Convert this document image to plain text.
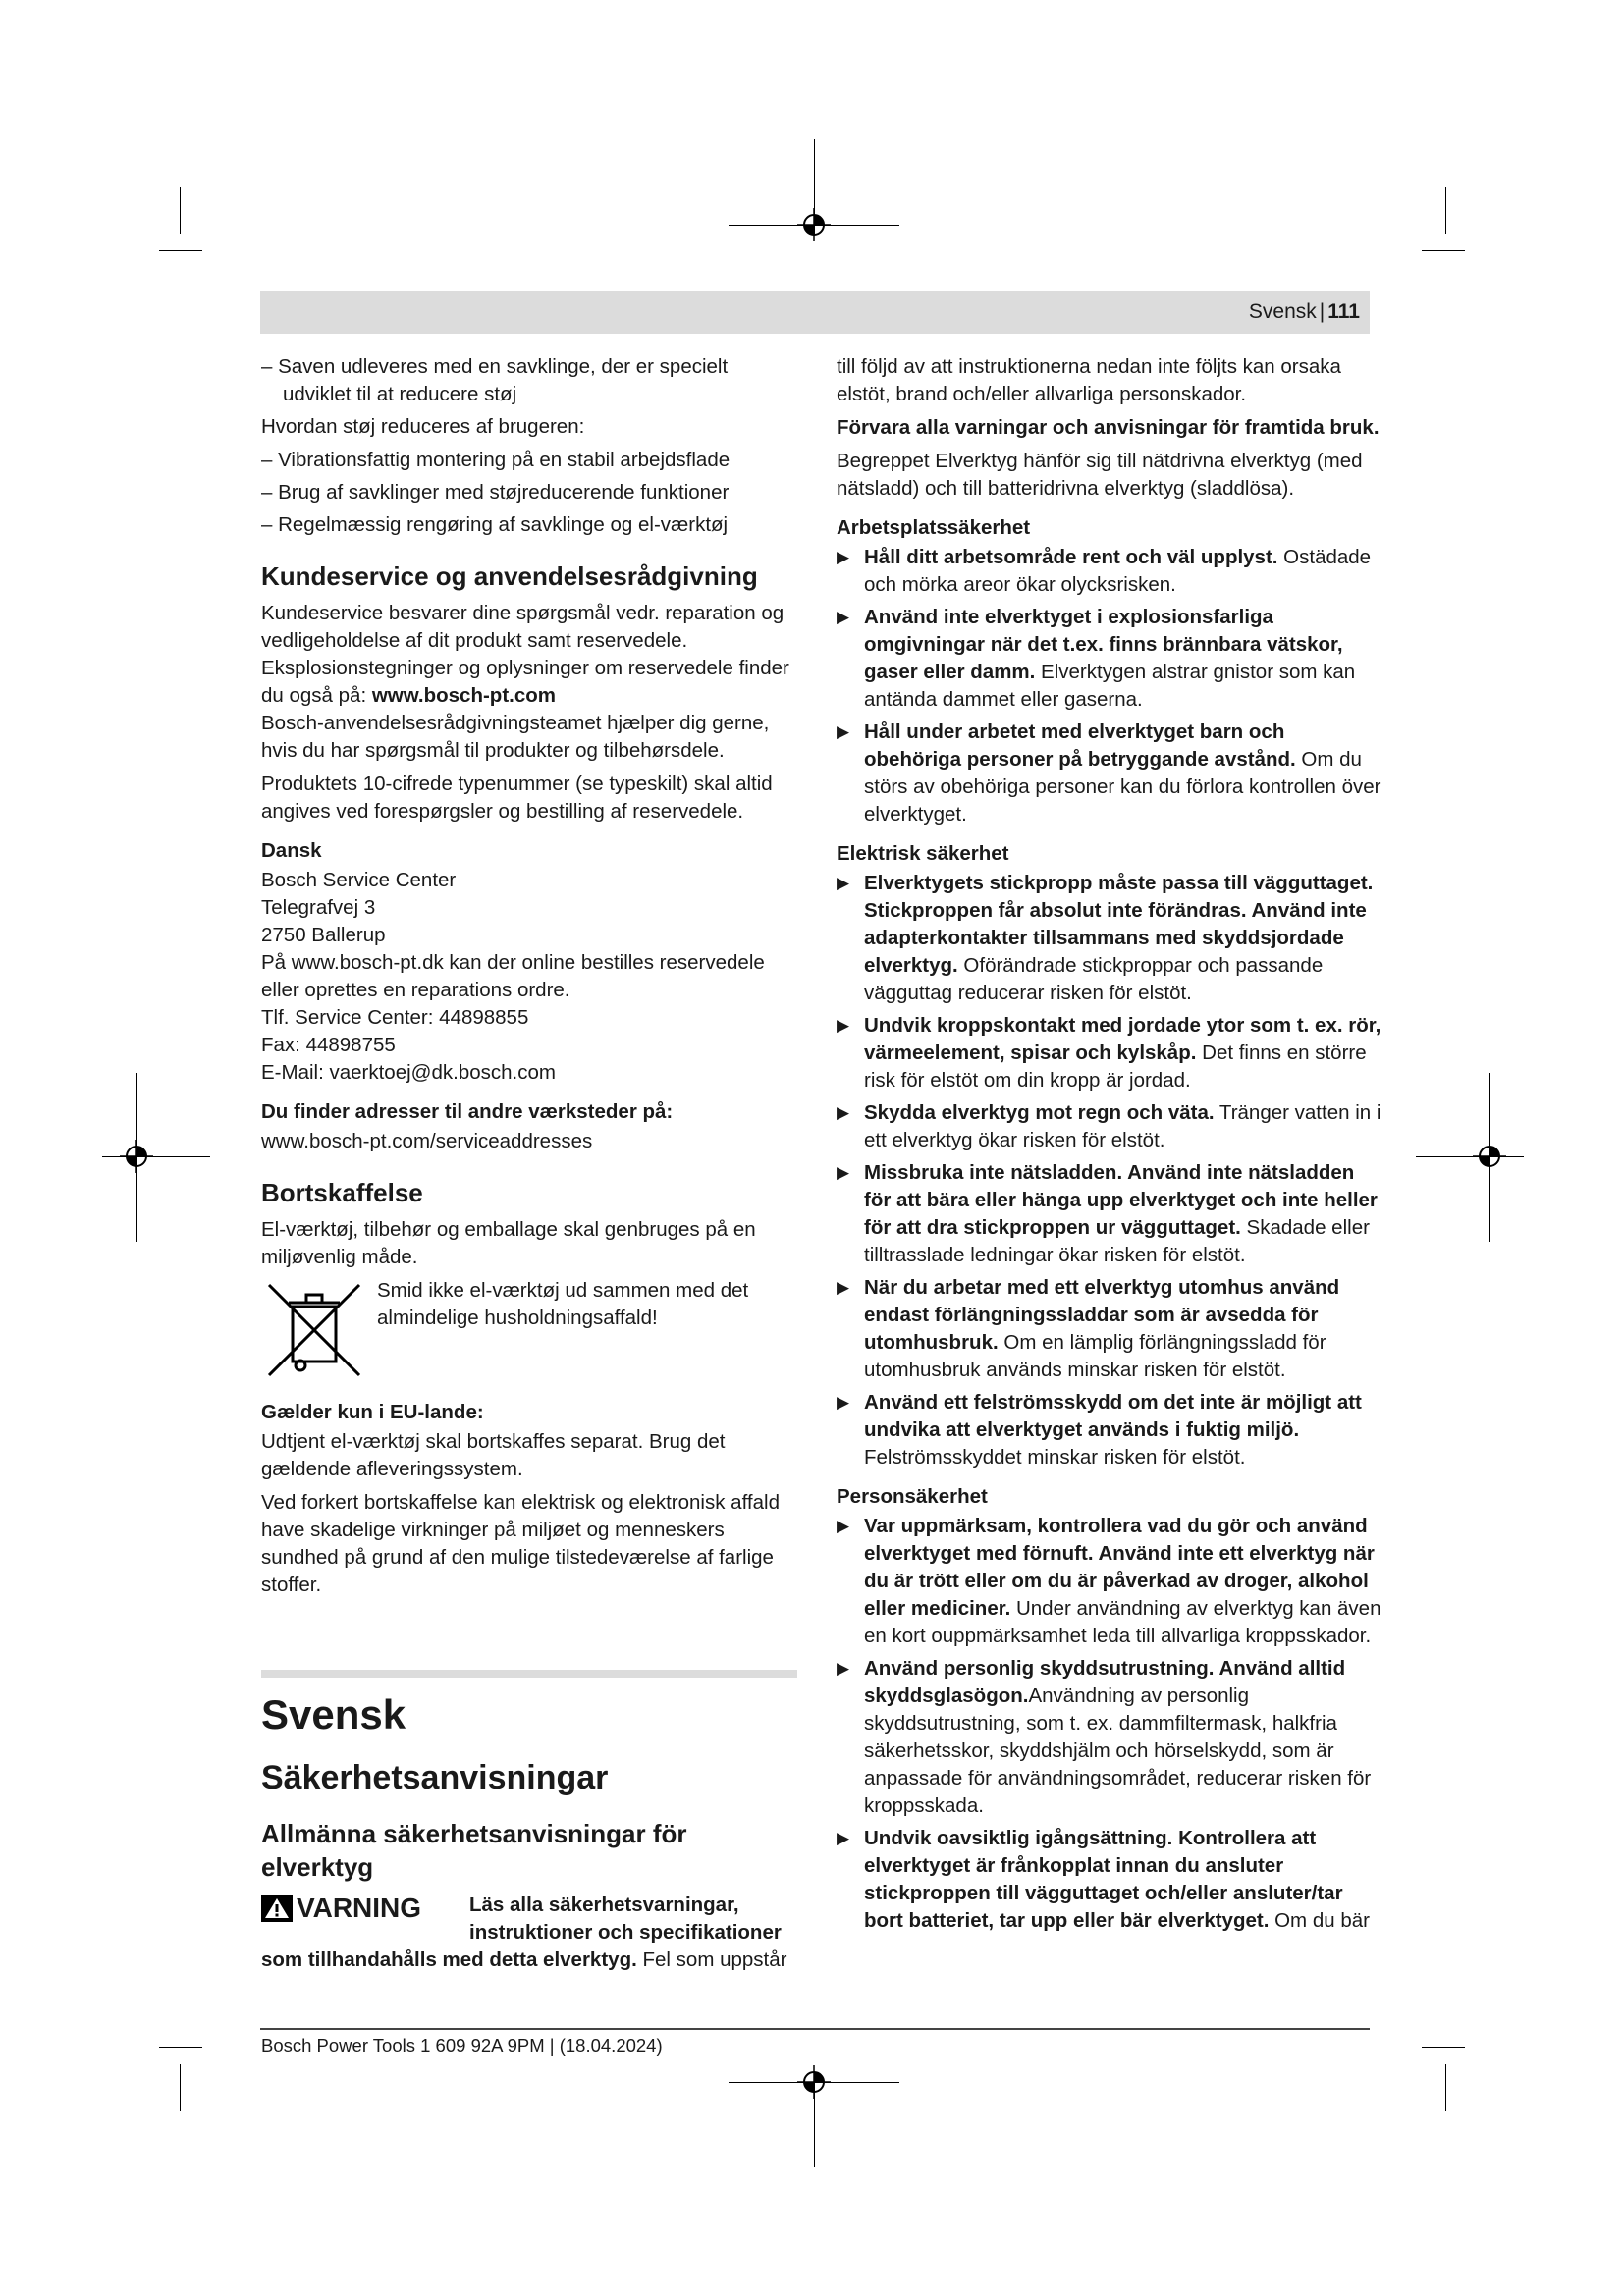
Svensk | 111

– Saven udleveres med en savklinge, der er specielt udviklet til at reducere støj

Hvordan støj reduceres af brugeren:

– Vibrationsfattig montering på en stabil arbejdsflade

– Brug af savklinger med støjreducerende funktioner

– Regelmæssig rengøring af savklinge og el-værktøj

Kundeservice og anvendelsesrådgivning

Kundeservice besvarer dine spørgsmål vedr. reparation og vedligeholdelse af dit produkt samt reservedele. Eksplosionstegninger og oplysninger om reservedele finder du også på: www.bosch-pt.com

Bosch-anvendelsesrådgivningsteamet hjælper dig gerne, hvis du har spørgsmål til produkter og tilbehørsdele.

Produktets 10-cifrede typenummer (se typeskilt) skal altid angives ved forespørgsler og bestilling af reservedele.

Dansk

Bosch Service Center

Telegrafvej 3

2750 Ballerup

På www.bosch-pt.dk kan der online bestilles reservedele eller oprettes en reparations ordre.

Tlf. Service Center: 44898855

Fax: 44898755

E-Mail: vaerktoej@dk.bosch.com

Du finder adresser til andre værksteder på:

www.bosch-pt.com/serviceaddresses

Bortskaffelse

El-værktøj, tilbehør og emballage skal genbruges på en miljøvenlig måde.

Smid ikke el-værktøj ud sammen med det almindelige husholdningsaffald!
Gælder kun i EU-lande:

Udtjent el-værktøj skal bortskaffes separat. Brug det gældende afleveringssystem.

Ved forkert bortskaffelse kan elektrisk og elektronisk affald have skadelige virkninger på miljøet og menneskers sundhed på grund af den mulige tilstedeværelse af farlige stoffer.

Svensk
Säkerhetsanvisningar
Allmänna säkerhetsanvisningar för elverktyg
VARNING Läs alla säkerhetsvarningar, instruktioner och specifikationer

som tillhandahålls med detta elverktyg. Fel som uppstår

till följd av att instruktionerna nedan inte följts kan orsaka elstöt, brand och/eller allvarliga personskador.

Förvara alla varningar och anvisningar för framtida bruk.

Begreppet Elverktyg hänför sig till nätdrivna elverktyg (med nätsladd) och till batteridrivna elverktyg (sladdlösa).

Arbetsplatssäkerhet
▶ Håll ditt arbetsområde rent och väl upplyst. Ostädade och mörka areor ökar olycksrisken.
▶ Använd inte elverktyget i explosionsfarliga omgivningar när det t.ex. finns brännbara vätskor, gaser eller damm. Elverktygen alstrar gnistor som kan antända dammet eller gaserna.
▶ Håll under arbetet med elverktyget barn och obehöriga personer på betryggande avstånd. Om du störs av obehöriga personer kan du förlora kontrollen över elverktyget.
Elektrisk säkerhet
▶ Elverktygets stickpropp måste passa till vägguttaget. Stickproppen får absolut inte förändras. Använd inte adapterkontakter tillsammans med skyddsjordade elverktyg. Oförändrade stickproppar och passande vägguttag reducerar risken för elstöt.
▶ Undvik kroppskontakt med jordade ytor som t. ex. rör, värmeelement, spisar och kylskåp. Det finns en större risk för elstöt om din kropp är jordad.
▶ Skydda elverktyg mot regn och väta. Tränger vatten in i ett elverktyg ökar risken för elstöt.
▶ Missbruka inte nätsladden. Använd inte nätsladden för att bära eller hänga upp elverktyget och inte heller för att dra stickproppen ur vägguttaget. Skadade eller tilltrasslade ledningar ökar risken för elstöt.
▶ När du arbetar med ett elverktyg utomhus använd endast förlängningssladdar som är avsedda för utomhusbruk. Om en lämplig förlängningssladd för utomhusbruk används minskar risken för elstöt.
▶ Använd ett felströmsskydd om det inte är möjligt att undvika att elverktyget används i fuktig miljö. Felströmsskyddet minskar risken för elstöt.
Personsäkerhet
▶ Var uppmärksam, kontrollera vad du gör och använd elverktyget med förnuft. Använd inte ett elverktyg när du är trött eller om du är påverkad av droger, alkohol eller mediciner. Under användning av elverktyg kan även en kort ouppmärksamhet leda till allvarliga kroppsskador.
▶ Använd personlig skyddsutrustning. Använd alltid skyddsglasögon.Användning av personlig skyddsutrustning, som t. ex. dammfiltermask, halkfria säkerhetsskor, skyddshjälm och hörselskydd, som är anpassade för användningsområdet, reducerar risken för kroppsskada.
▶ Undvik oavsiktlig igångsättning. Kontrollera att elverktyget är frånkopplat innan du ansluter stickproppen till vägguttaget och/eller ansluter/tar bort batteriet, tar upp eller bär elverktyget. Om du bär
Bosch Power Tools 1 609 92A 9PM | (18.04.2024)
